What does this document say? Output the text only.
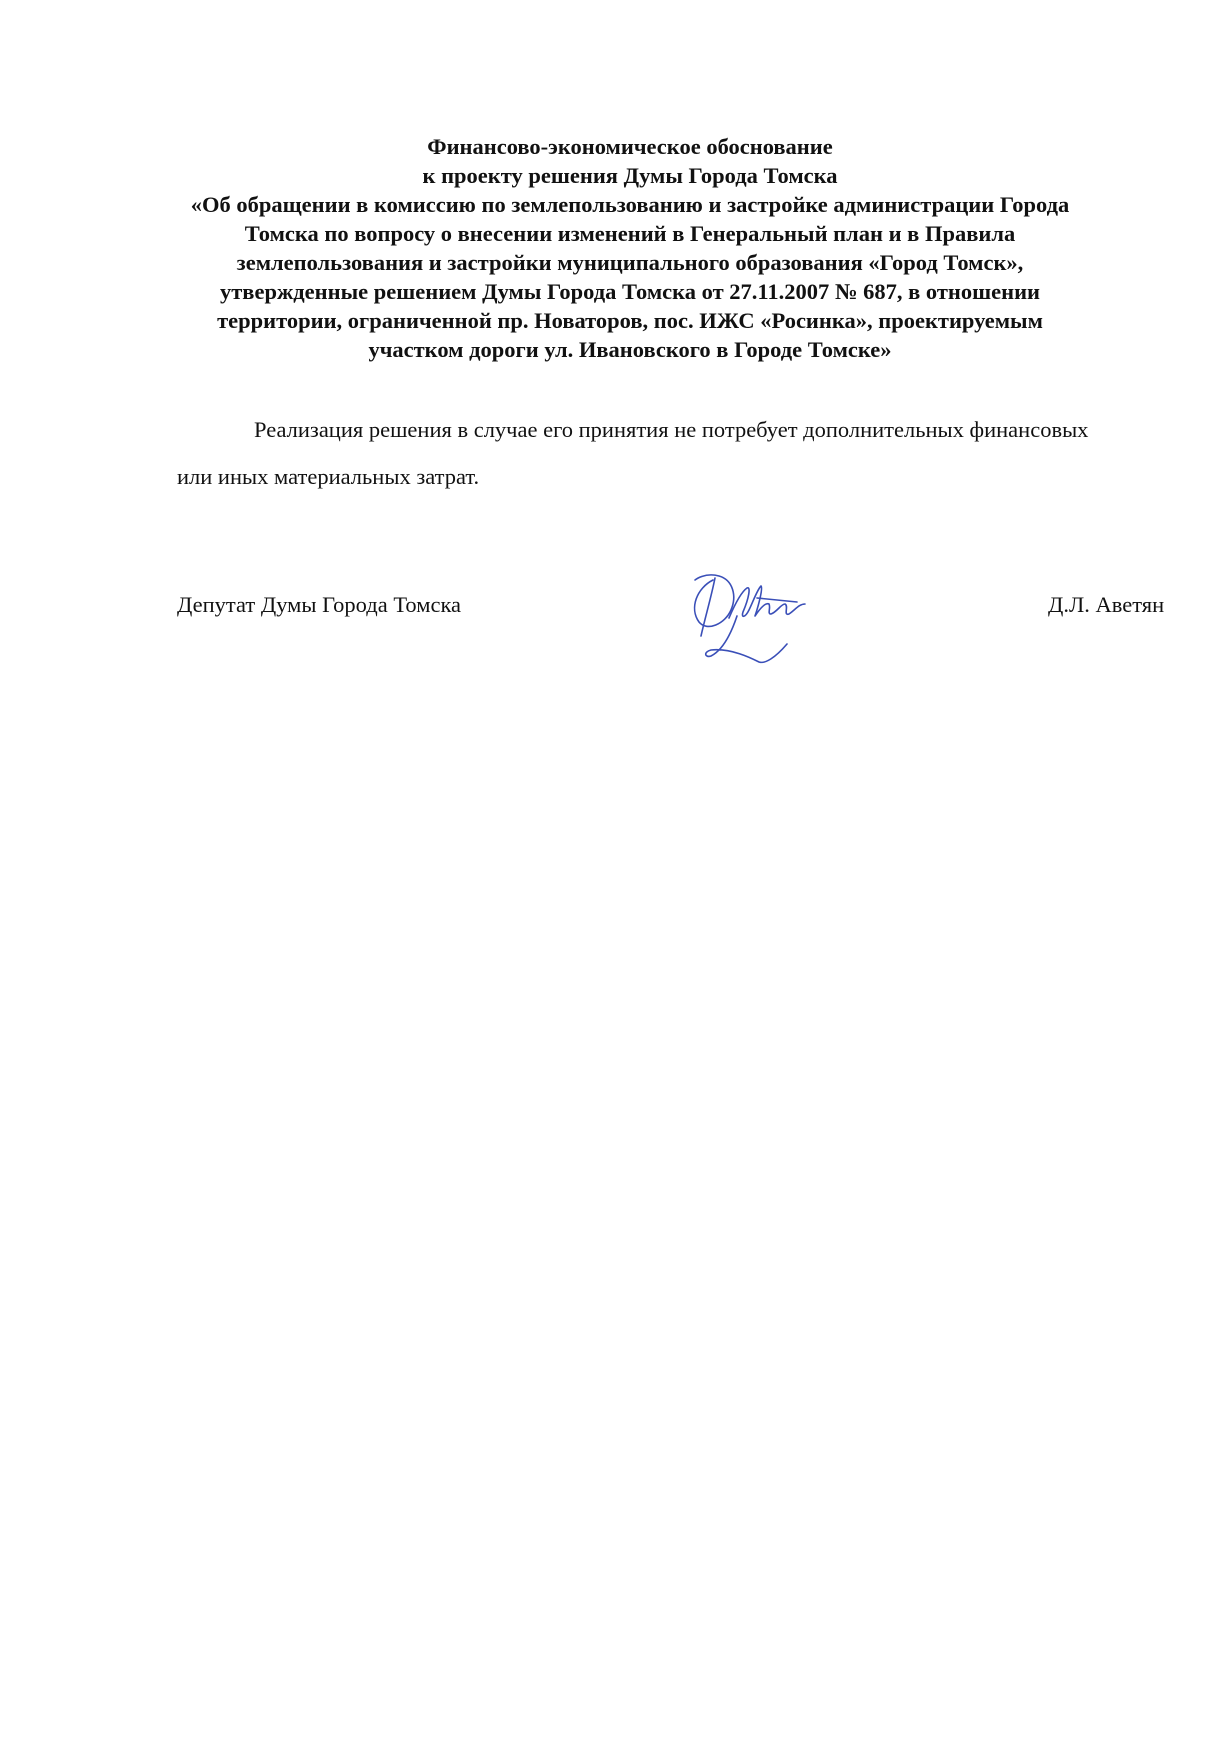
Финансово-экономическое обоснование
к проекту решения Думы Города Томска
«Об обращении в комиссию по землепользованию и застройке администрации Города
Томска по вопросу о внесении изменений в Генеральный план и в Правила
землепользования и застройки муниципального образования «Город Томск»,
утвержденные решением Думы Города Томска от 27.11.2007 № 687, в отношении
территории, ограниченной пр. Новаторов, пос. ИЖС «Росинка», проектируемым
участком дороги ул. Ивановского в Городе Томске»
Реализация решения в случае его принятия не потребует дополнительных финансовых
или иных материальных затрат.
Депутат Думы Города Томска	Д.Л. Аветян
